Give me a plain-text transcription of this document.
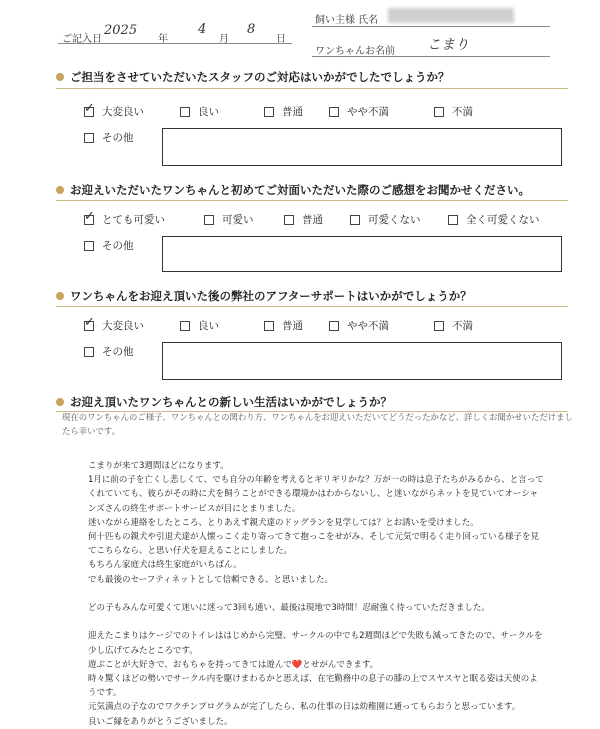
ご記入日
2025
年
4
月
8
日
飼い主様 氏名
ワンちゃんお名前 こまり
ご担当をさせていただいたスタッフのご対応はいかがでしたでしょうか？
✓ 大変良い	良い	普通	やや不満	不満
その他
お迎えいただいたワンちゃんと初めてご対面いただいた際のご感想をお聞かせください。
✓ とても可愛い	可愛い	普通	可愛くない	全く可愛くない
その他
ワンちゃんをお迎え頂いた後の弊社のアフターサポートはいかがでしょうか？
✓ 大変良い	良い	普通	やや不満	不満
その他
お迎え頂いたワンちゃんとの新しい生活はいかがでしょうか？
現在のワンちゃんのご様子、ワンちゃんとの関わり方、ワンちゃんをお迎えいただいてどうだったかなど、詳しくお聞かせいただけまし
たら幸いです。
こまりが来て3週間ほどになります。
1月に前の子を亡くし悲しくて、でも自分の年齢を考えるとギリギリかな？万が一の時は息子たちがみるから、と言って
くれていても、彼らがその時に犬を飼うことができる環境かはわからないし、と迷いながらネットを見ていてオーシャ
ンズさんの終生サポートサービスが目にとまりました。
迷いながら連絡をしたところ、とりあえず親犬達のドッグランを見学しては？とお誘いを受けました。
何十匹もの親犬や引退犬達が人懐っこく走り寄ってきて抱っこをせがみ、そして元気で明るく走り回っている様子を見
てこちらなら、と思い仔犬を迎えることにしました。
もちろん家庭犬は終生家庭がいちばん。
でも最後のセーフティネットとして信頼できる、と思いました。
どの子もみんな可愛くて迷いに迷って3回も通い、最後は現地で3時間！忍耐強く待っていただきました。
迎えたこまりはケージでのトイレははじめから完璧、サークルの中でも2週間ほどで失敗も減ってきたので、サークルを
少し広げてみたところです。
遊ぶことが大好きで、おもちゃを持ってきては遊んで❤️とせがんできます。
時々驚くほどの勢いでサークル内を駆けまわるかと思えば、在宅勤務中の息子の膝の上でスヤスヤと眠る姿は天使のよ
うです。
元気満点の子なのでワクチンプログラムが完了したら、私の仕事の日は幼稚園に通ってもらおうと思っています。
良いご縁をありがとうございました。
